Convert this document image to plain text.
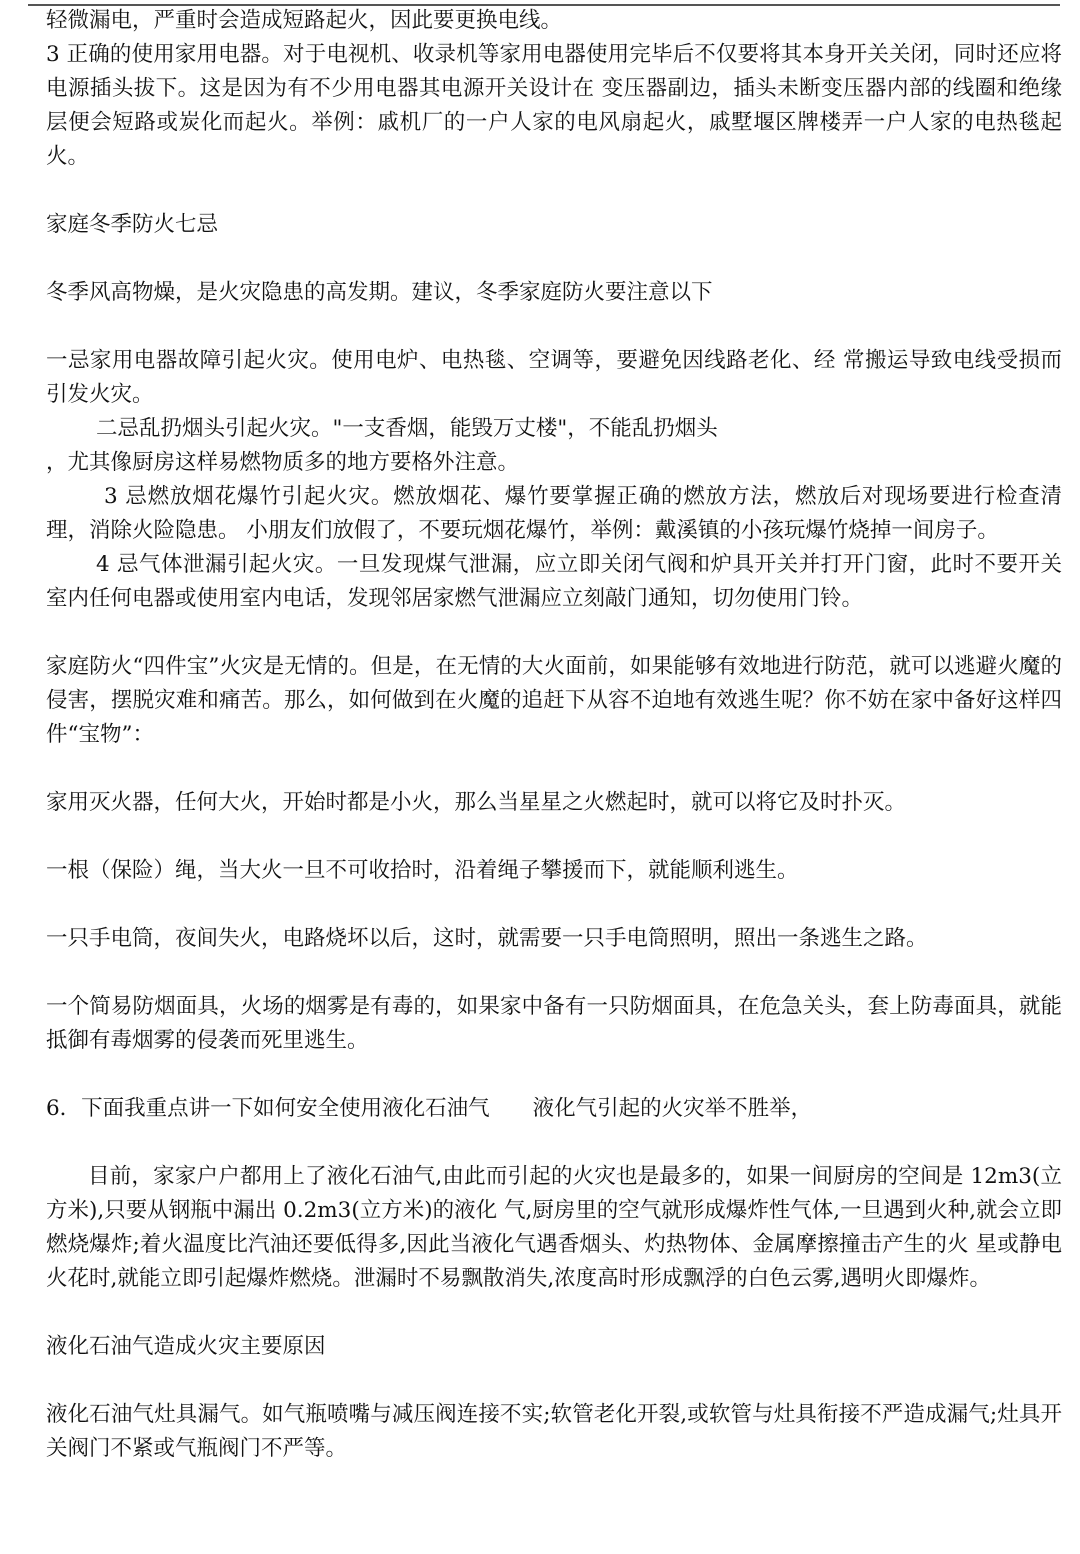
轻微漏电，严重时会造成短路起火，因此要更换电线。

3 正确的使用家用电器。对于电视机、收录机等家用电器使用完毕后不仅要将其本身开关关闭，同时还应将电源插头拔下。这是因为有不少用电器其电源开关设计在 变压器副边，插头未断变压器内部的线圈和绝缘层便会短路或炭化而起火。举例：戚机厂的一户人家的电风扇起火，戚墅堰区牌楼弄一户人家的电热毯起火。

家庭冬季防火七忌

冬季风高物燥，是火灾隐患的高发期。建议，冬季家庭防火要注意以下

一忌家用电器故障引起火灾。使用电炉、电热毯、空调等，要避免因线路老化、经 常搬运导致电线受损而引发火灾。

二忌乱扔烟头引起火灾。"一支香烟，能毁万丈楼"，不能乱扔烟头

，尤其像厨房这样易燃物质多的地方要格外注意。

3 忌燃放烟花爆竹引起火灾。燃放烟花、爆竹要掌握正确的燃放方法，燃放后对现场要进行检查清理，消除火险隐患。 小朋友们放假了，不要玩烟花爆竹，举例：戴溪镇的小孩玩爆竹烧掉一间房子。

4 忌气体泄漏引起火灾。一旦发现煤气泄漏，应立即关闭气阀和炉具开关并打开门窗，此时不要开关室内任何电器或使用室内电话，发现邻居家燃气泄漏应立刻敲门通知，切勿使用门铃。

家庭防火“四件宝”火灾是无情的。但是，在无情的大火面前，如果能够有效地进行防范，就可以逃避火魔的侵害，摆脱灾难和痛苦。那么，如何做到在火魔的追赶下从容不迫地有效逃生呢？你不妨在家中备好这样四件“宝物”：

家用灭火器，任何大火，开始时都是小火，那么当星星之火燃起时，就可以将它及时扑灭。

一根（保险）绳，当大火一旦不可收拾时，沿着绳子攀援而下，就能顺利逃生。

一只手电筒，夜间失火，电路烧坏以后，这时，就需要一只手电筒照明，照出一条逃生之路。

一个简易防烟面具，火场的烟雾是有毒的，如果家中备有一只防烟面具，在危急关头，套上防毒面具，就能抵御有毒烟雾的侵袭而死里逃生。

6．下面我重点讲一下如何安全使用液化石油气　　液化气引起的火灾举不胜举，

目前，家家户户都用上了液化石油气,由此而引起的火灾也是最多的，如果一间厨房的空间是 12m3(立方米),只要从钢瓶中漏出 0.2m3(立方米)的液化 气,厨房里的空气就形成爆炸性气体,一旦遇到火种,就会立即燃烧爆炸;着火温度比汽油还要低得多,因此当液化气遇香烟头、灼热物体、金属摩擦撞击产生的火 星或静电火花时,就能立即引起爆炸燃烧。泄漏时不易飘散消失,浓度高时形成飘浮的白色云雾,遇明火即爆炸。

液化石油气造成火灾主要原因

液化石油气灶具漏气。如气瓶喷嘴与减压阀连接不实;软管老化开裂,或软管与灶具衔接不严造成漏气;灶具开关阀门不紧或气瓶阀门不严等。
